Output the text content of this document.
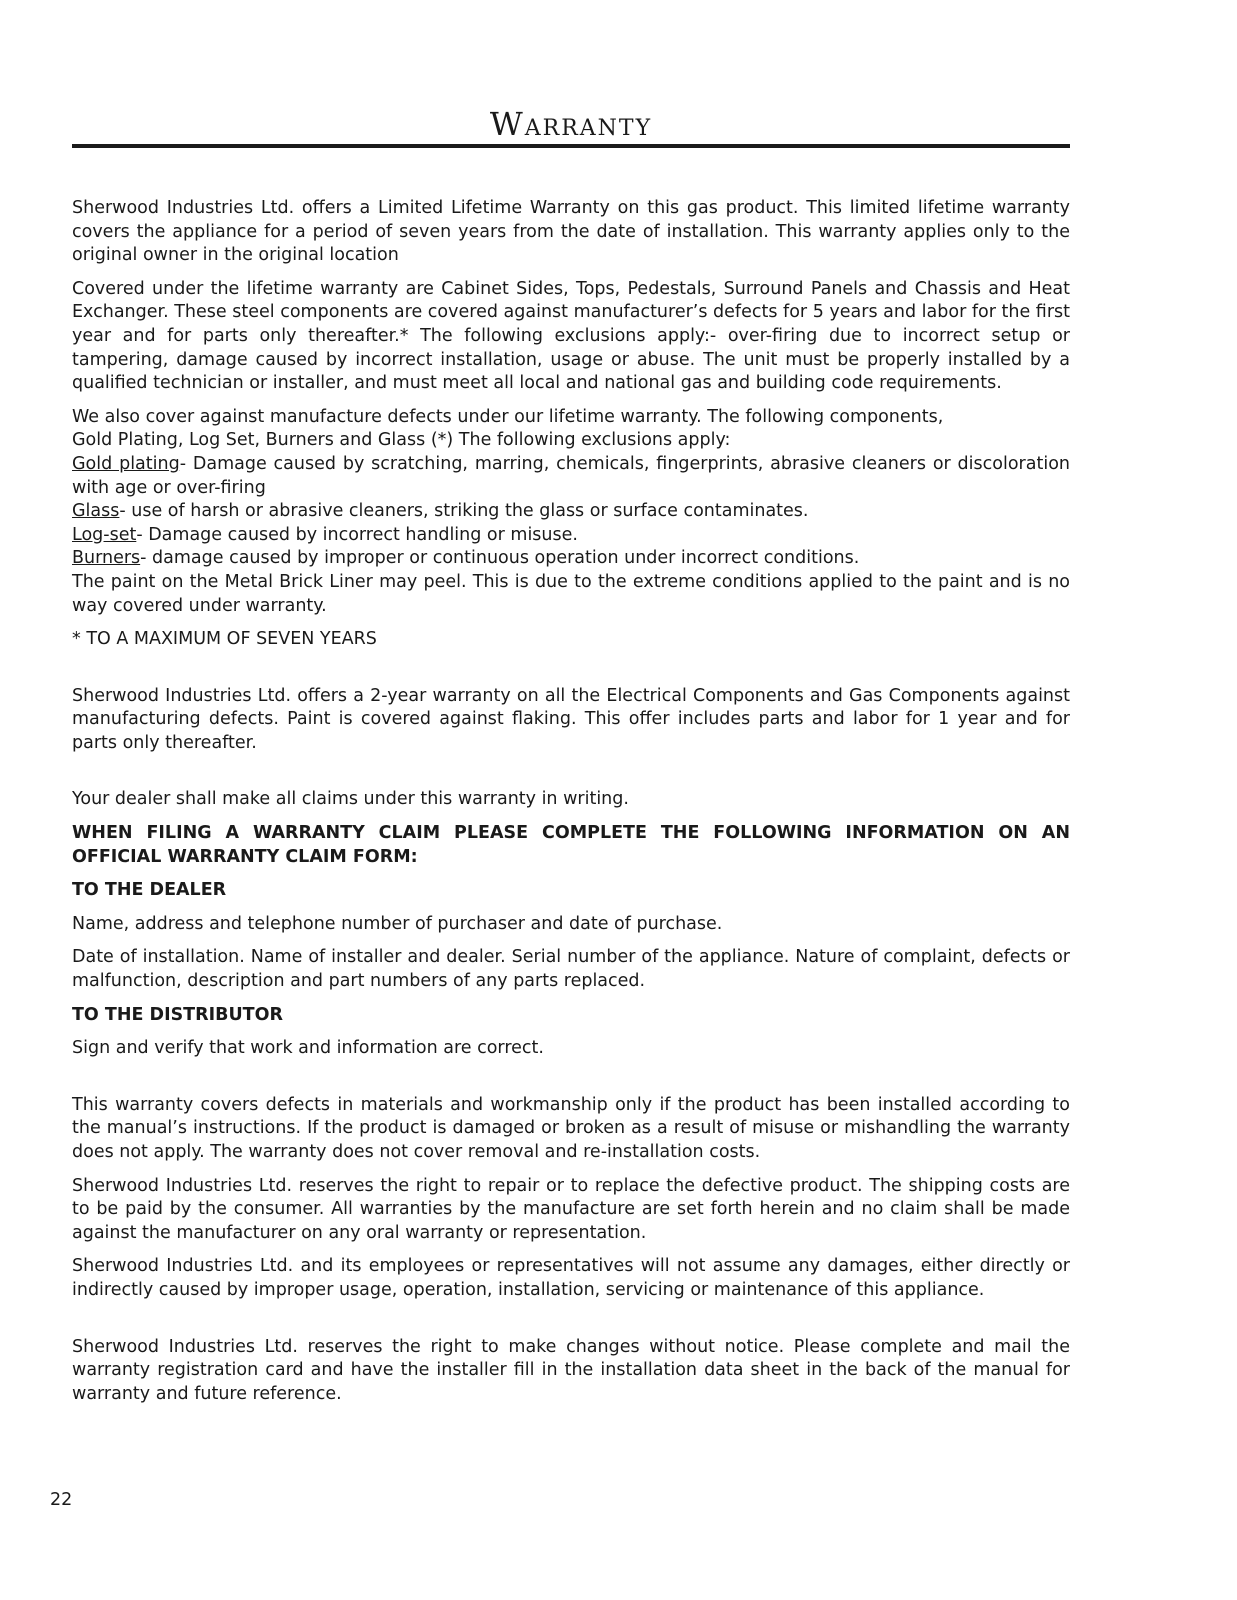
Warranty

Sherwood Industries Ltd. offers a Limited Lifetime Warranty on this gas product. This limited lifetime warranty covers the appliance for a period of seven years from the date of installation. This warranty applies only to the original owner in the original location

Covered under the lifetime warranty are Cabinet Sides, Tops, Pedestals, Surround Panels and Chassis and Heat Exchanger. These steel components are covered against manufacturer’s defects for 5 years and labor for the first year and for parts only thereafter.* The following exclusions apply:- over-firing due to incorrect setup or tampering, damage caused by incorrect installation, usage or abuse. The unit must be properly installed by a qualified technician or installer, and must meet all local and national gas and building code requirements.

We also cover against manufacture defects under our lifetime warranty. The following components,

Gold Plating, Log Set, Burners and Glass (*) The following exclusions apply:

Gold plating- Damage caused by scratching, marring, chemicals, fingerprints, abrasive cleaners or discoloration with age or over-firing

Glass- use of harsh or abrasive cleaners, striking the glass or surface contaminates.

Log-set- Damage caused by incorrect handling or misuse.

Burners- damage caused by improper or continuous operation under incorrect conditions.

The paint on the Metal Brick Liner may peel. This is due to the extreme conditions applied to the paint and is no way covered under warranty.

* TO A MAXIMUM OF SEVEN YEARS

Sherwood Industries Ltd. offers a 2-year warranty on all the Electrical Components and Gas Components against manufacturing defects. Paint is covered against flaking. This offer includes parts and labor for 1 year and for parts only thereafter.

Your dealer shall make all claims under this warranty in writing.

WHEN FILING A WARRANTY CLAIM PLEASE COMPLETE THE FOLLOWING INFORMATION ON AN OFFICIAL WARRANTY CLAIM FORM:

TO THE DEALER

Name, address and telephone number of purchaser and date of purchase.

Date of installation. Name of installer and dealer. Serial number of the appliance. Nature of complaint, defects or malfunction, description and part numbers of any parts replaced.

TO THE DISTRIBUTOR

Sign and verify that work and information are correct.

This warranty covers defects in materials and workmanship only if the product has been installed according to the manual’s instructions. If the product is damaged or broken as a result of misuse or mishandling the warranty does not apply. The warranty does not cover removal and re-installation costs.

Sherwood Industries Ltd. reserves the right to repair or to replace the defective product. The shipping costs are to be paid by the consumer. All warranties by the manufacture are set forth herein and no claim shall be made against the manufacturer on any oral warranty or representation.

Sherwood Industries Ltd. and its employees or representatives will not assume any damages, either directly or indirectly caused by improper usage, operation, installation, servicing or maintenance of this appliance.

Sherwood Industries Ltd. reserves the right to make changes without notice. Please complete and mail the warranty registration card and have the installer fill in the installation data sheet in the back of the manual for warranty and future reference.

22
